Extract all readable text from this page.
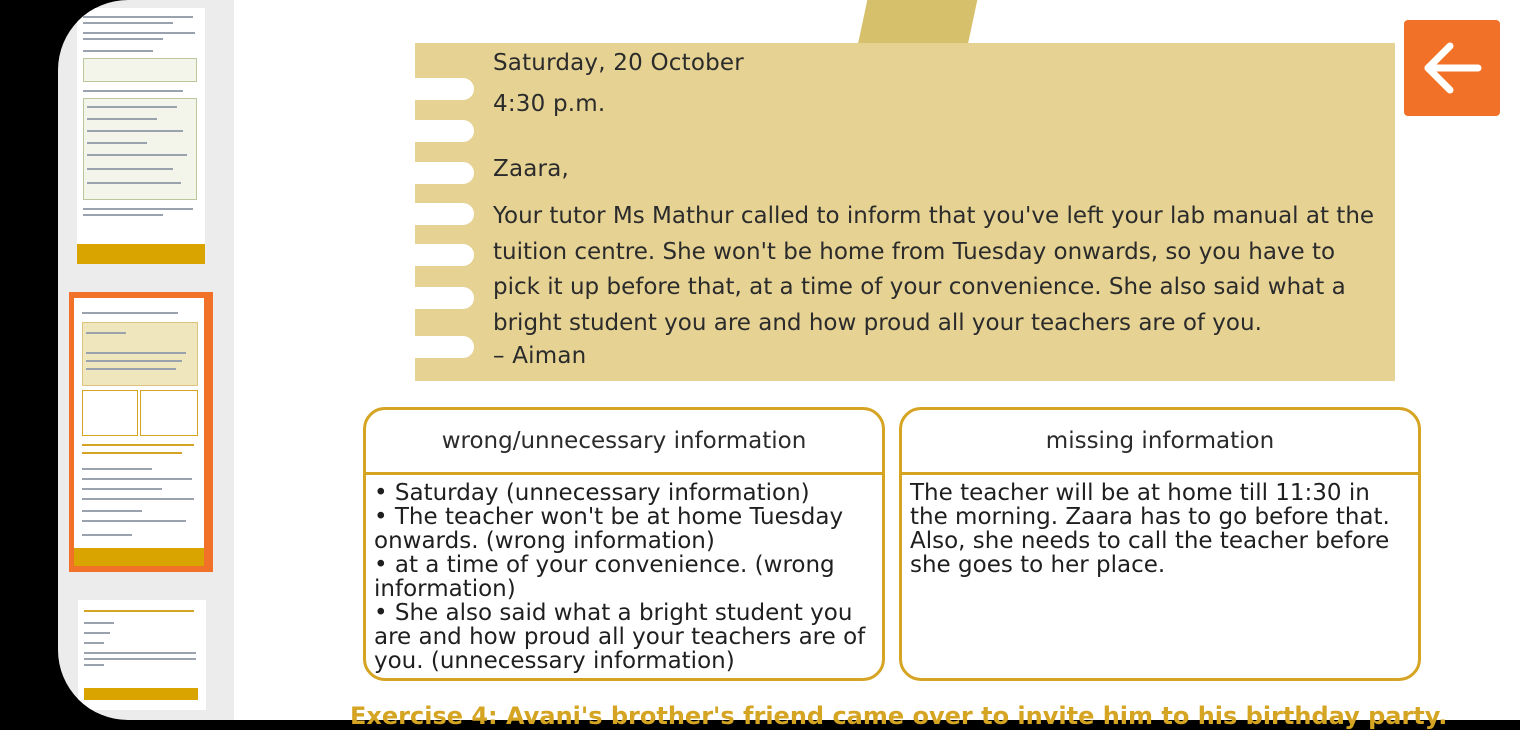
Saturday, 20 October
4:30 p.m.
Zaara,
Your tutor Ms Mathur called to inform that you've left your lab manual at the tuition centre. She won't be home from Tuesday onwards, so you have to pick it up before that, at a time of your convenience. She also said what a bright student you are and how proud all your teachers are of you.
– Aiman
wrong/unnecessary information

• Saturday (unnecessary information)

• The teacher won't be at home Tuesday onwards. (wrong information)

• at a time of your convenience. (wrong information)

• She also said what a bright student you are and how proud all your teachers are of you. (unnecessary information)

missing information
The teacher will be at home till 11:30 in the morning. Zaara has to go before that. Also, she needs to call the teacher before she goes to her place.
Exercise 4: Avani's brother's friend came over to invite him to his birthday party.
